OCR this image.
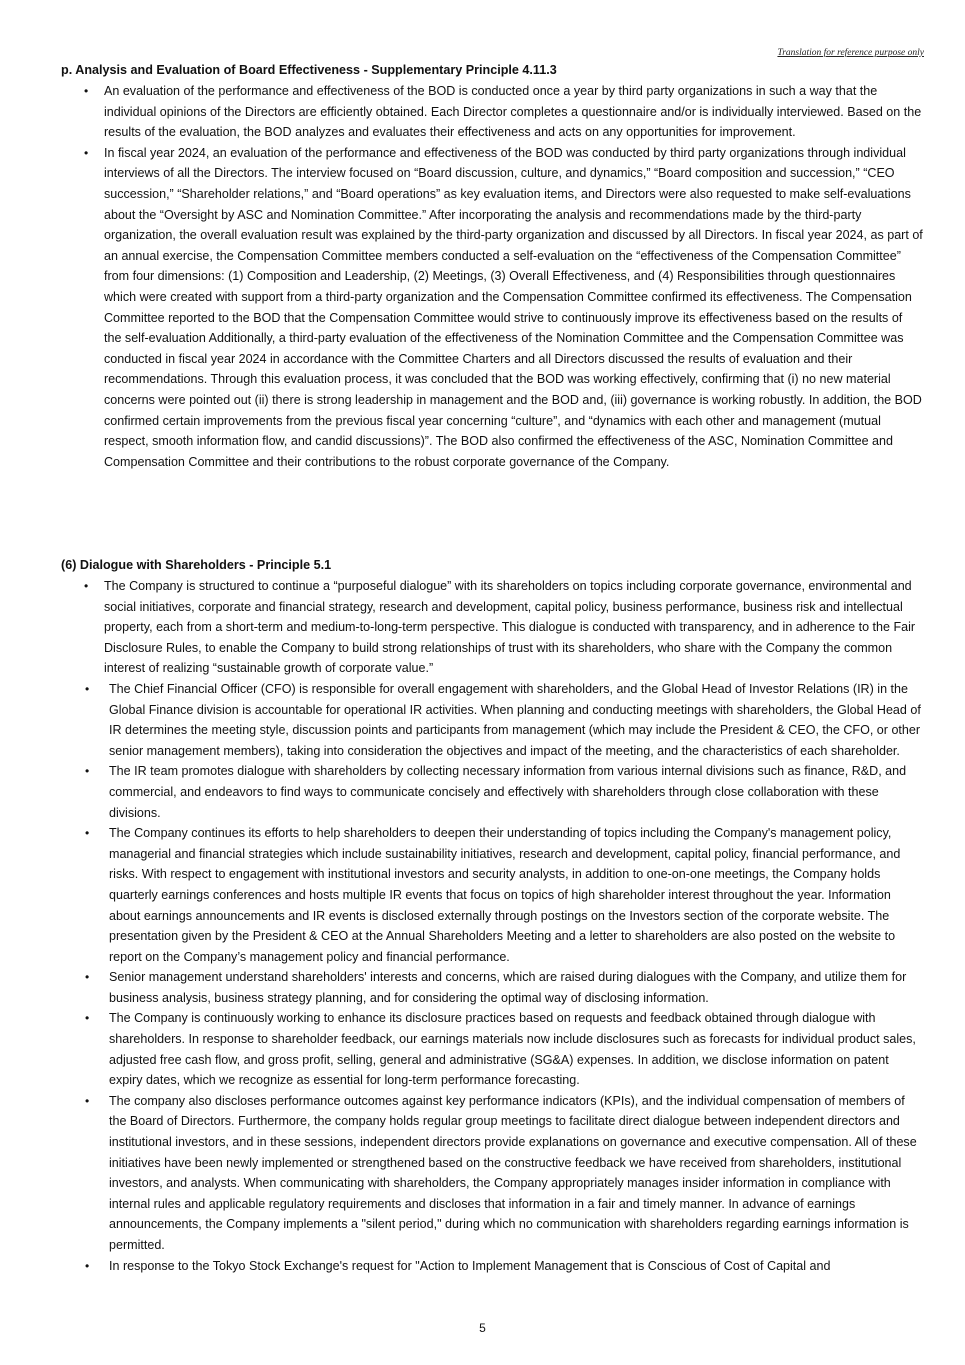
Translation for reference purpose only
p. Analysis and Evaluation of Board Effectiveness - Supplementary Principle 4.11.3
• An evaluation of the performance and effectiveness of the BOD is conducted once a year by third party organizations in such a way that the individual opinions of the Directors are efficiently obtained. Each Director completes a questionnaire and/or is individually interviewed. Based on the results of the evaluation, the BOD analyzes and evaluates their effectiveness and acts on any opportunities for improvement.
• In fiscal year 2024, an evaluation of the performance and effectiveness of the BOD was conducted by third party organizations through individual interviews of all the Directors. The interview focused on “Board discussion, culture, and dynamics,” “Board composition and succession,” “CEO succession,” “Shareholder relations,” and “Board operations” as key evaluation items, and Directors were also requested to make self-evaluations about the “Oversight by ASC and Nomination Committee.” After incorporating the analysis and recommendations made by the third-party organization, the overall evaluation result was explained by the third-party organization and discussed by all Directors. In fiscal year 2024, as part of an annual exercise, the Compensation Committee members conducted a self-evaluation on the “effectiveness of the Compensation Committee” from four dimensions: (1) Composition and Leadership, (2) Meetings, (3) Overall Effectiveness, and (4) Responsibilities through questionnaires which were created with support from a third-party organization and the Compensation Committee confirmed its effectiveness. The Compensation Committee reported to the BOD that the Compensation Committee would strive to continuously improve its effectiveness based on the results of the self-evaluation Additionally, a third-party evaluation of the effectiveness of the Nomination Committee and the Compensation Committee was conducted in fiscal year 2024 in accordance with the Committee Charters and all Directors discussed the results of evaluation and their recommendations. Through this evaluation process, it was concluded that the BOD was working effectively, confirming that (i) no new material concerns were pointed out (ii) there is strong leadership in management and the BOD and, (iii) governance is working robustly. In addition, the BOD confirmed certain improvements from the previous fiscal year concerning “culture”, and “dynamics with each other and management (mutual respect, smooth information flow, and candid discussions)”. The BOD also confirmed the effectiveness of the ASC, Nomination Committee and Compensation Committee and their contributions to the robust corporate governance of the Company.
(6) Dialogue with Shareholders - Principle 5.1
• The Company is structured to continue a “purposeful dialogue” with its shareholders on topics including corporate governance, environmental and social initiatives, corporate and financial strategy, research and development, capital policy, business performance, business risk and intellectual property, each from a short-term and medium-to-long-term perspective. This dialogue is conducted with transparency, and in adherence to the Fair Disclosure Rules, to enable the Company to build strong relationships of trust with its shareholders, who share with the Company the common interest of realizing “sustainable growth of corporate value.”
• The Chief Financial Officer (CFO) is responsible for overall engagement with shareholders, and the Global Head of Investor Relations (IR) in the Global Finance division is accountable for operational IR activities. When planning and conducting meetings with shareholders, the Global Head of IR determines the meeting style, discussion points and participants from management (which may include the President & CEO, the CFO, or other senior management members), taking into consideration the objectives and impact of the meeting, and the characteristics of each shareholder.
• The IR team promotes dialogue with shareholders by collecting necessary information from various internal divisions such as finance, R&D, and commercial, and endeavors to find ways to communicate concisely and effectively with shareholders through close collaboration with these divisions.
• The Company continues its efforts to help shareholders to deepen their understanding of topics including the Company's management policy, managerial and financial strategies which include sustainability initiatives, research and development, capital policy, financial performance, and risks. With respect to engagement with institutional investors and security analysts, in addition to one-on-one meetings, the Company holds quarterly earnings conferences and hosts multiple IR events that focus on topics of high shareholder interest throughout the year. Information about earnings announcements and IR events is disclosed externally through postings on the Investors section of the corporate website. The presentation given by the President & CEO at the Annual Shareholders Meeting and a letter to shareholders are also posted on the website to report on the Company’s management policy and financial performance.
• Senior management understand shareholders' interests and concerns, which are raised during dialogues with the Company, and utilize them for business analysis, business strategy planning, and for considering the optimal way of disclosing information.
• The Company is continuously working to enhance its disclosure practices based on requests and feedback obtained through dialogue with shareholders. In response to shareholder feedback, our earnings materials now include disclosures such as forecasts for individual product sales, adjusted free cash flow, and gross profit, selling, general and administrative (SG&A) expenses. In addition, we disclose information on patent expiry dates, which we recognize as essential for long-term performance forecasting.
• The company also discloses performance outcomes against key performance indicators (KPIs), and the individual compensation of members of the Board of Directors. Furthermore, the company holds regular group meetings to facilitate direct dialogue between independent directors and institutional investors, and in these sessions, independent directors provide explanations on governance and executive compensation. All of these initiatives have been newly implemented or strengthened based on the constructive feedback we have received from shareholders, institutional investors, and analysts. When communicating with shareholders, the Company appropriately manages insider information in compliance with internal rules and applicable regulatory requirements and discloses that information in a fair and timely manner. In advance of earnings announcements, the Company implements a "silent period," during which no communication with shareholders regarding earnings information is permitted.
• In response to the Tokyo Stock Exchange's request for "Action to Implement Management that is Conscious of Cost of Capital and
5
